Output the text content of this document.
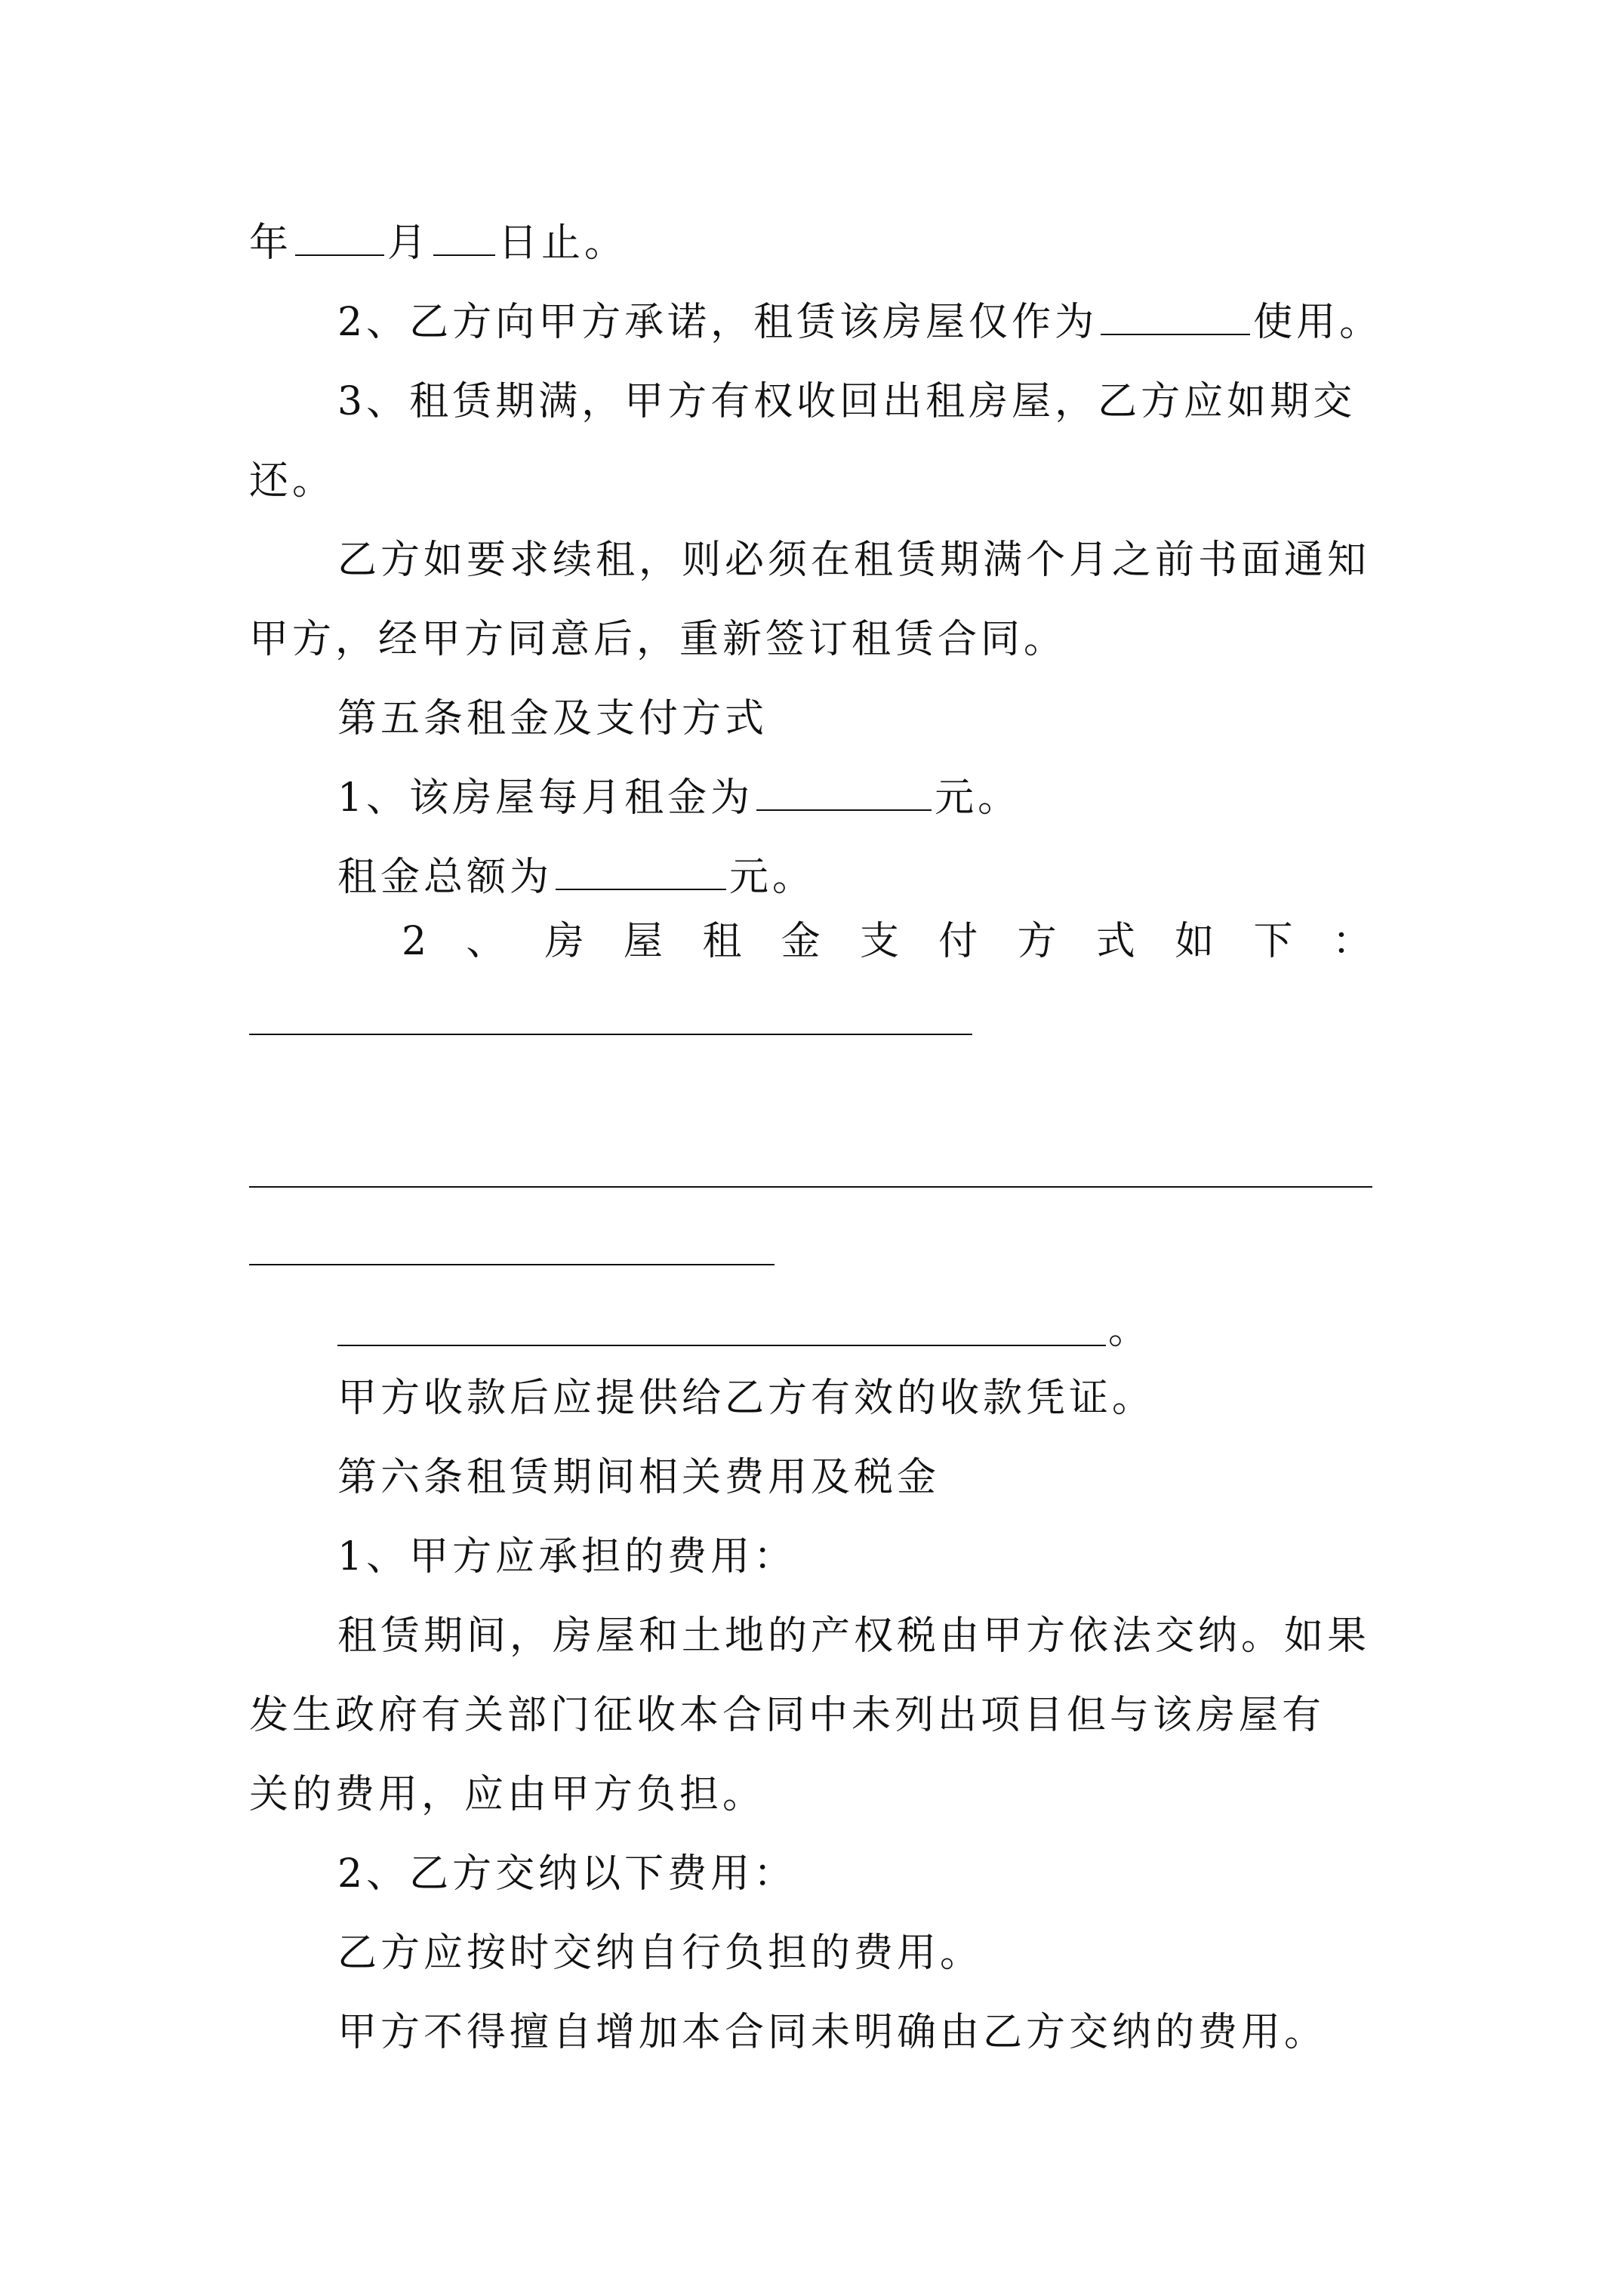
年 月 日止。
2、乙方向甲方承诺，租赁该房屋仅作为	使用。
3、租赁期满，甲方有权收回出租房屋，乙方应如期交
还。
乙方如要求续租，则必须在租赁期满个月之前书面通知
甲方，经甲方同意后，重新签订租赁合同。
第五条租金及支付方式
1、该房屋每月租金为	元。
租金总额为	元。
2 、 房 屋 租 金 支 付 方 式 如 下 ：
。
甲方收款后应提供给乙方有效的收款凭证。
第六条租赁期间相关费用及税金
1、甲方应承担的费用：
租赁期间，房屋和土地的产权税由甲方依法交纳。如果
发生政府有关部门征收本合同中未列出项目但与该房屋有
关的费用，应由甲方负担。
2、乙方交纳以下费用：
乙方应按时交纳自行负担的费用。
甲方不得擅自增加本合同未明确由乙方交纳的费用。
